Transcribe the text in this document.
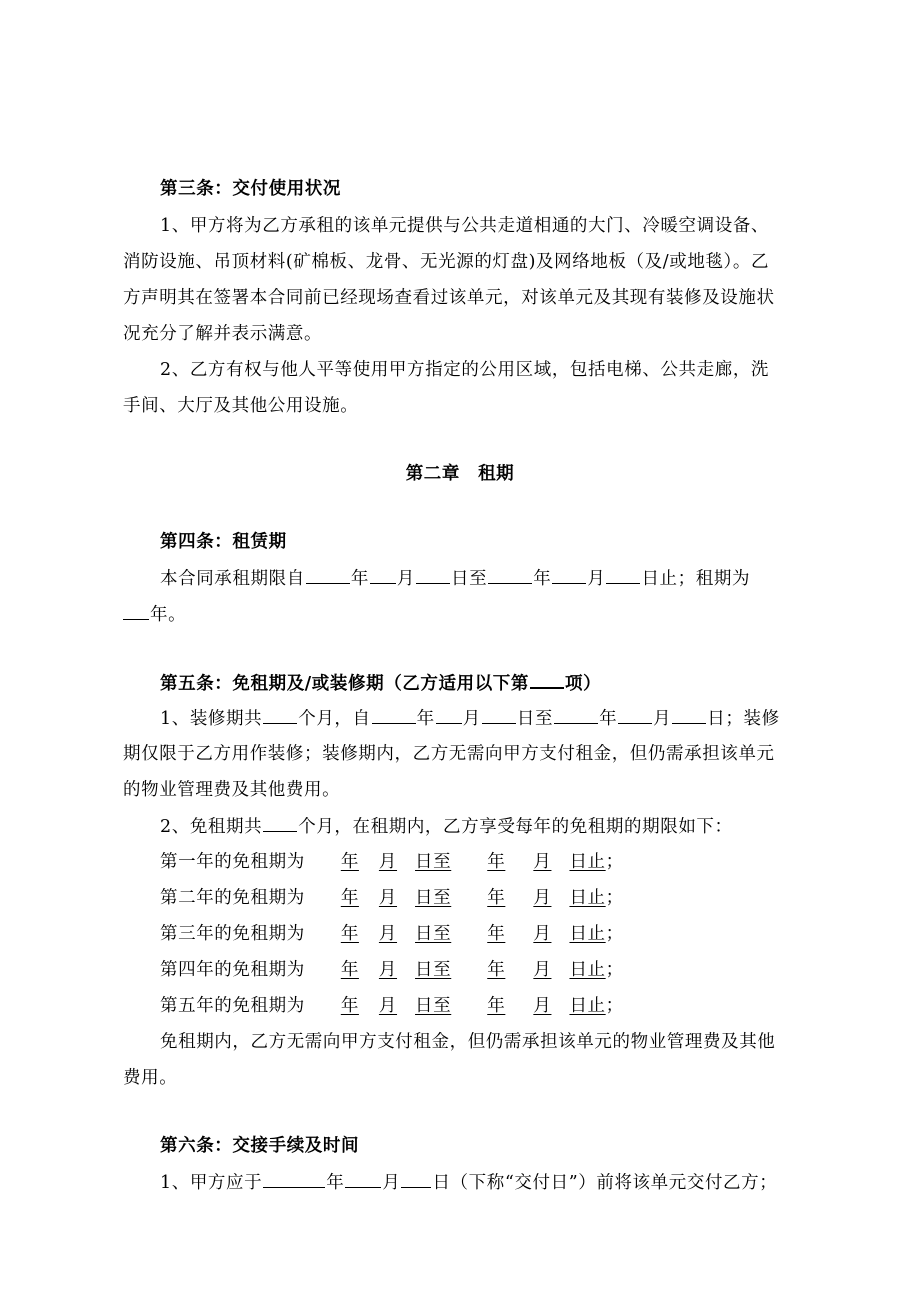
第三条：交付使用状况
1、甲方将为乙方承租的该单元提供与公共走道相通的大门、冷暖空调设备、
消防设施、吊顶材料(矿棉板、龙骨、无光源的灯盘)及网络地板（及/或地毯）。乙
方声明其在签署本合同前已经现场查看过该单元，对该单元及其现有装修及设施状
况充分了解并表示满意。
2、乙方有权与他人平等使用甲方指定的公用区域，包括电梯、公共走廊，洗
手间、大厅及其他公用设施。
第二章　租期
第四条：租赁期
本合同承租期限自	年 月 日至	年 月 日止；租期为
年。
第五条：免租期及/或装修期（乙方适用以下第 项）
1、装修期共 个月，自	年 月 日至	年 月 日；装修
期仅限于乙方用作装修；装修期内，乙方无需向甲方支付租金，但仍需承担该单元
的物业管理费及其他费用。
2、免租期共 个月，在租期内，乙方享受每年的免租期的期限如下：
第一年的免租期为 年 月 日至 年 月 日止；
第二年的免租期为 年 月 日至 年 月 日止；
第三年的免租期为 年 月 日至 年 月 日止；
第四年的免租期为 年 月 日至 年 月 日止；
第五年的免租期为 年 月 日至 年 月 日止；
免租期内，乙方无需向甲方支付租金，但仍需承担该单元的物业管理费及其他
费用。
第六条：交接手续及时间
1、甲方应于	年 月 日（下称“交付日”）前将该单元交付乙方；
